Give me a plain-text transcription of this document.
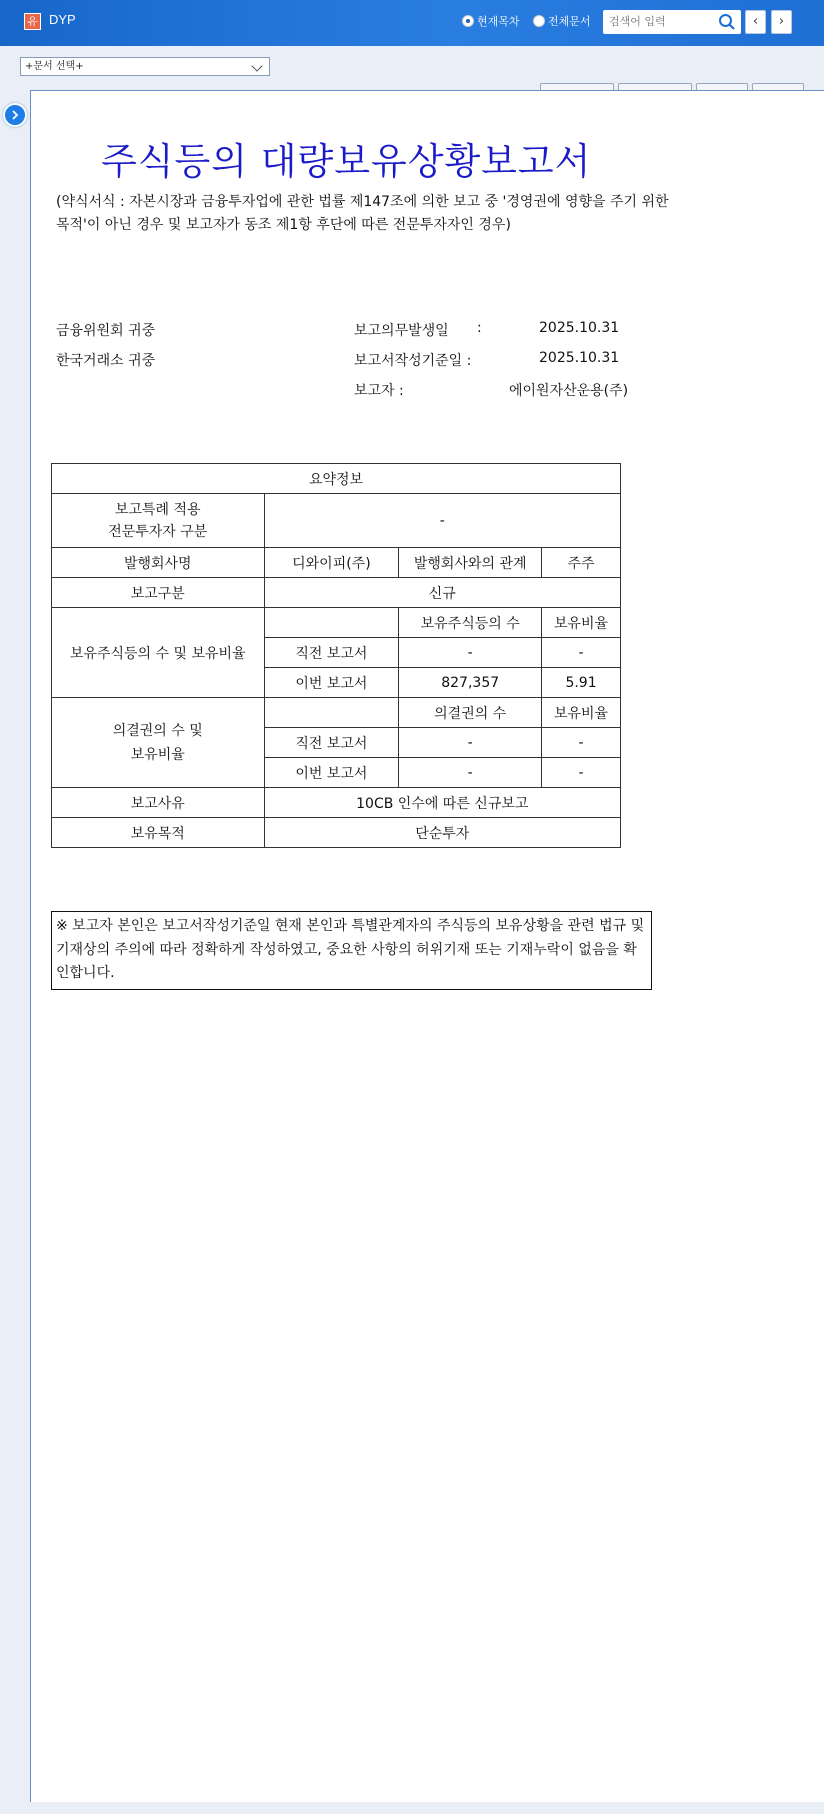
유 DYP	현재목차	전체문서
검색어 입력	‹	›
+문서 선택+
주식등의 대량보유상황보고서
(약식서식 : 자본시장과 금융투자업에 관한 법률 제147조에 의한 보고 중 '경영권에 영향을 주기 위한 목적'이 아닌 경우 및 보고자가 동조 제1항 후단에 따른 전문투자자인 경우)
금융위원회 귀중
한국거래소 귀중
보고의무발생일 :	2025.10.31
보고서작성기준일 :	2025.10.31
보고자 :	에이원자산운용(주)
요약정보			
보고특례 적용
전문투자자 구분	-		
발행회사명	디와이피(주)	발행회사와의 관계	주주
보고구분	신규		
보유주식등의 수 및 보유비율		보유주식등의 수	보유비율
	직전 보고서	-	-
	이번 보고서	827,357	5.91
의결권의 수 및
보유비율		의결권의 수	보유비율
	직전 보고서	-	-
	이번 보고서	-	-
보고사유	10CB 인수에 따른 신규보고		
보유목적	단순투자		
※ 보고자 본인은 보고서작성기준일 현재 본인과 특별관계자의 주식등의 보유상황을 관련 법규 및 기재상의 주의에 따라 정확하게 작성하였고, 중요한 사항의 허위기재 또는 기재누락이 없음을 확인합니다.
